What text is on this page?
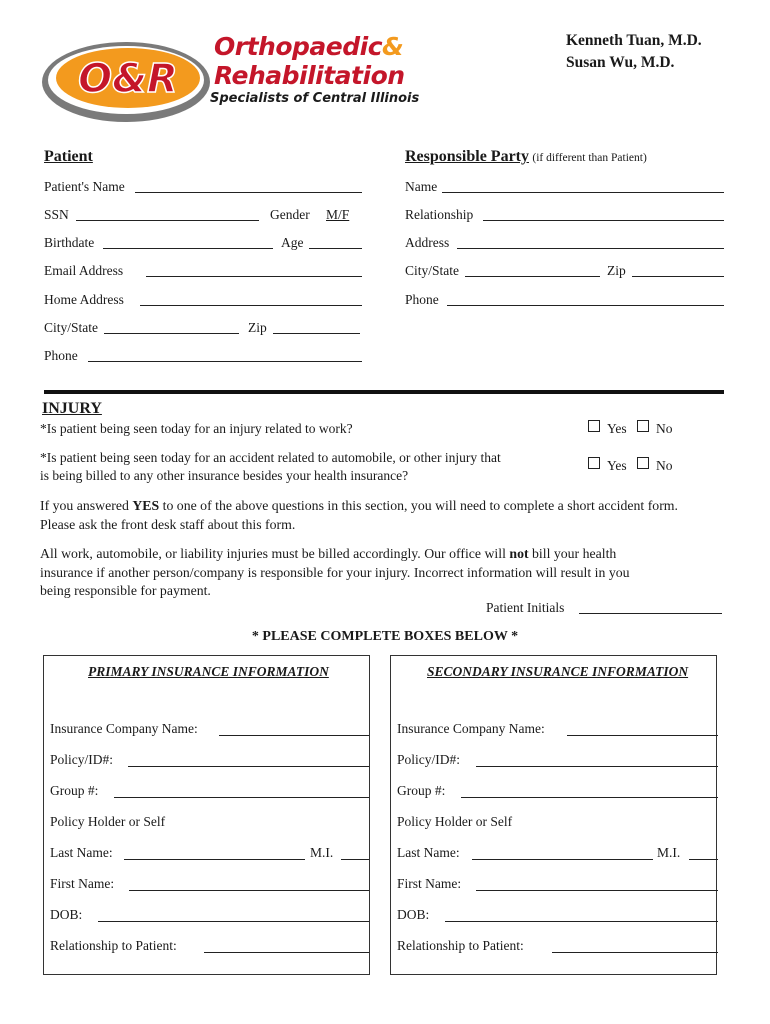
O&R
Orthopaedic&
Rehabilitation
Specialists of Central Illinois
Kenneth Tuan, M.D.
Susan Wu, M.D.
Patient
Patient's Name
SSN	Gender M/F
Birthdate	Age
Email Address
Home Address
City/State	Zip
Phone
Responsible Party (if different than Patient)
Name
Relationship
Address
City/State	Zip
Phone
INJURY
*Is patient being seen today for an injury related to work?	Yes No
*Is patient being seen today for an accident related to automobile, or other injury that
is being billed to any other insurance besides your health insurance?
Yes No
If you answered YES to one of the above questions in this section, you will need to complete a short accident form.
Please ask the front desk staff about this form.
All work, automobile, or liability injuries must be billed accordingly. Our office will not bill your health
insurance if another person/company is responsible for your injury. Incorrect information will result in you
being responsible for payment.
Patient Initials
* PLEASE COMPLETE BOXES BELOW *
PRIMARY INSURANCE INFORMATION
Insurance Company Name:
Policy/ID#:
Group #:
Policy Holder or Self
Last Name:	M.I.
First Name:
DOB:
Relationship to Patient:
SECONDARY INSURANCE INFORMATION
Insurance Company Name:
Policy/ID#:
Group #:
Policy Holder or Self
Last Name:	M.I.
First Name:
DOB:
Relationship to Patient:
